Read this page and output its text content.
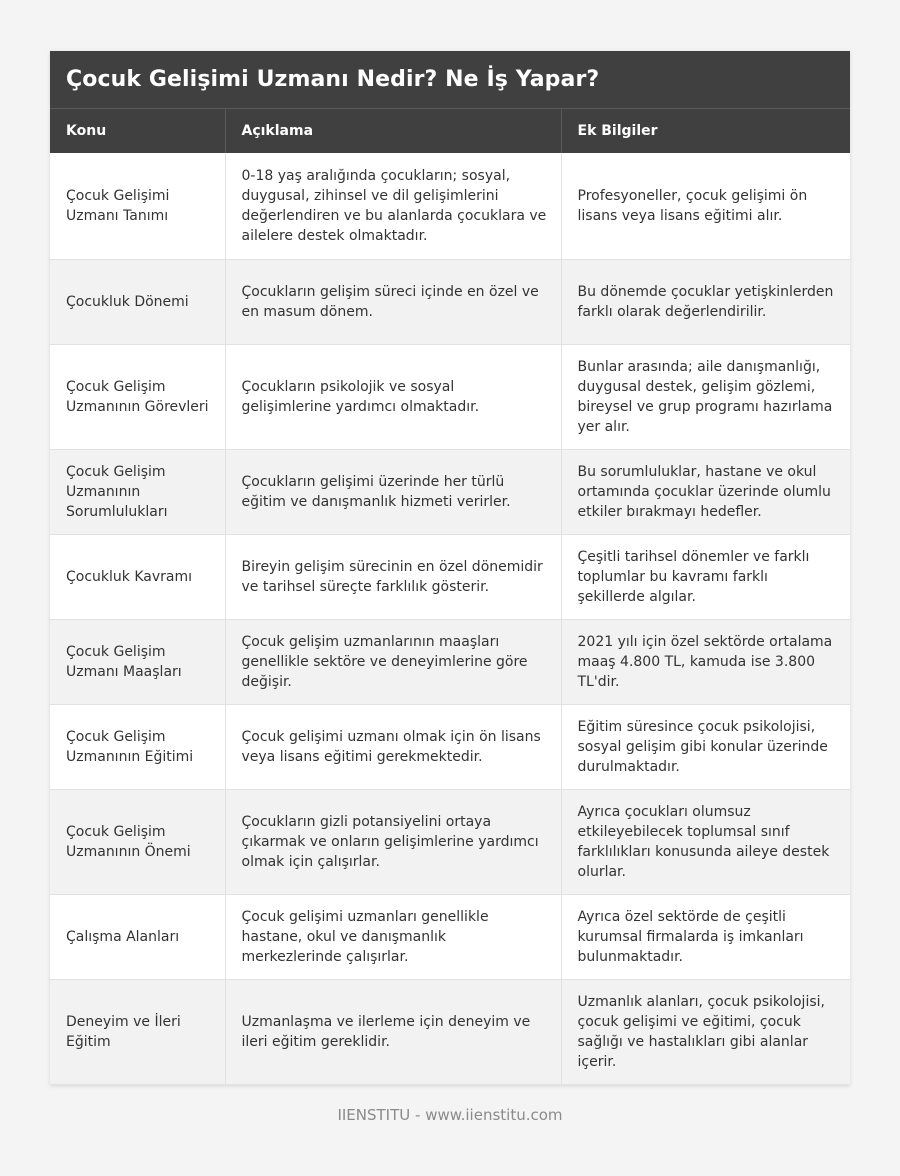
Çocuk Gelişimi Uzmanı Nedir? Ne İş Yapar?
Konu	Açıklama	Ek Bilgiler
Çocuk Gelişimi Uzmanı Tanımı	0-18 yaş aralığında çocukların; sosyal, duygusal, zihinsel ve dil gelişimlerini değerlendiren ve bu alanlarda çocuklara ve ailelere destek olmaktadır.	Profesyoneller, çocuk gelişimi ön lisans veya lisans eğitimi alır.
Çocukluk Dönemi	Çocukların gelişim süreci içinde en özel ve en masum dönem.	Bu dönemde çocuklar yetişkinlerden farklı olarak değerlendirilir.
Çocuk Gelişim Uzmanının Görevleri	Çocukların psikolojik ve sosyal gelişimlerine yardımcı olmaktadır.	Bunlar arasında; aile danışmanlığı, duygusal destek, gelişim gözlemi, bireysel ve grup programı hazırlama yer alır.
Çocuk Gelişim Uzmanının Sorumlulukları	Çocukların gelişimi üzerinde her türlü eğitim ve danışmanlık hizmeti verirler.	Bu sorumluluklar, hastane ve okul ortamında çocuklar üzerinde olumlu etkiler bırakmayı hedefler.
Çocukluk Kavramı	Bireyin gelişim sürecinin en özel dönemidir ve tarihsel süreçte farklılık gösterir.	Çeşitli tarihsel dönemler ve farklı toplumlar bu kavramı farklı şekillerde algılar.
Çocuk Gelişim Uzmanı Maaşları	Çocuk gelişim uzmanlarının maaşları genellikle sektöre ve deneyimlerine göre değişir.	2021 yılı için özel sektörde ortalama maaş 4.800 TL, kamuda ise 3.800 TL'dir.
Çocuk Gelişim Uzmanının Eğitimi	Çocuk gelişimi uzmanı olmak için ön lisans veya lisans eğitimi gerekmektedir.	Eğitim süresince çocuk psikolojisi, sosyal gelişim gibi konular üzerinde durulmaktadır.
Çocuk Gelişim Uzmanının Önemi	Çocukların gizli potansiyelini ortaya çıkarmak ve onların gelişimlerine yardımcı olmak için çalışırlar.	Ayrıca çocukları olumsuz etkileyebilecek toplumsal sınıf farklılıkları konusunda aileye destek olurlar.
Çalışma Alanları	Çocuk gelişimi uzmanları genellikle hastane, okul ve danışmanlık merkezlerinde çalışırlar.	Ayrıca özel sektörde de çeşitli kurumsal firmalarda iş imkanları bulunmaktadır.
Deneyim ve İleri Eğitim	Uzmanlaşma ve ilerleme için deneyim ve ileri eğitim gereklidir.	Uzmanlık alanları, çocuk psikolojisi, çocuk gelişimi ve eğitimi, çocuk sağlığı ve hastalıkları gibi alanlar içerir.
IIENSTITU - www.iienstitu.com
